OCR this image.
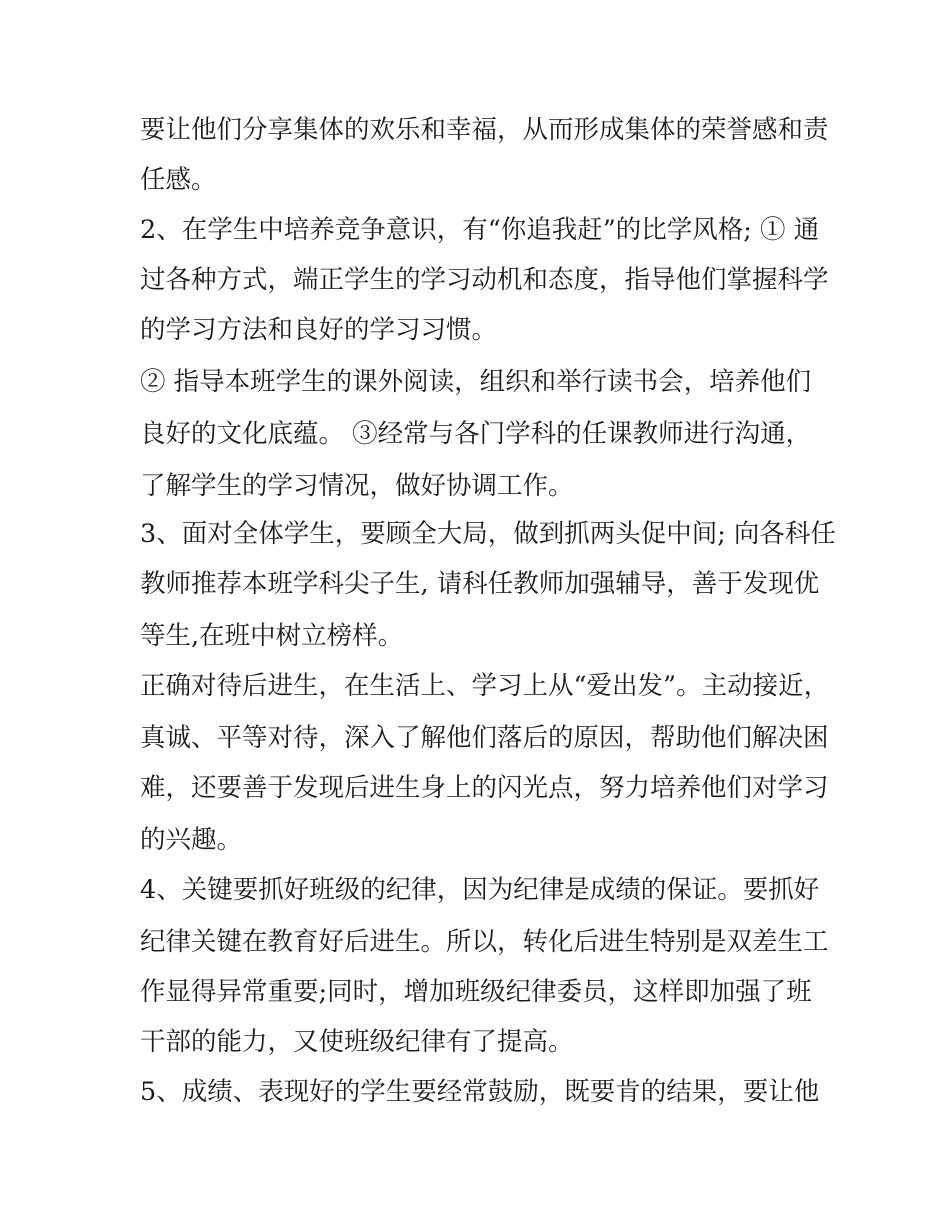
要让他们分享集体的欢乐和幸福，从而形成集体的荣誉感和责
任感。
2、在学生中培养竞争意识，有“你追我赶”的比学风格; ① 通
过各种方式，端正学生的学习动机和态度，指导他们掌握科学
的学习方法和良好的学习习惯。
② 指导本班学生的课外阅读，组织和举行读书会，培养他们
良好的文化底蕴。 ③经常与各门学科的任课教师进行沟通，
了解学生的学习情况，做好协调工作。
3、面对全体学生，要顾全大局，做到抓两头促中间; 向各科任
教师推荐本班学科尖子生, 请科任教师加强辅导，善于发现优
等生,在班中树立榜样。
正确对待后进生，在生活上、学习上从“爱出发”。主动接近，
真诚、平等对待，深入了解他们落后的原因，帮助他们解决困
难，还要善于发现后进生身上的闪光点，努力培养他们对学习
的兴趣。
4、关键要抓好班级的纪律，因为纪律是成绩的保证。要抓好
纪律关键在教育好后进生。所以，转化后进生特别是双差生工
作显得异常重要;同时，增加班级纪律委员，这样即加强了班
干部的能力，又使班级纪律有了提高。
5、成绩、表现好的学生要经常鼓励，既要肯的结果，要让他
